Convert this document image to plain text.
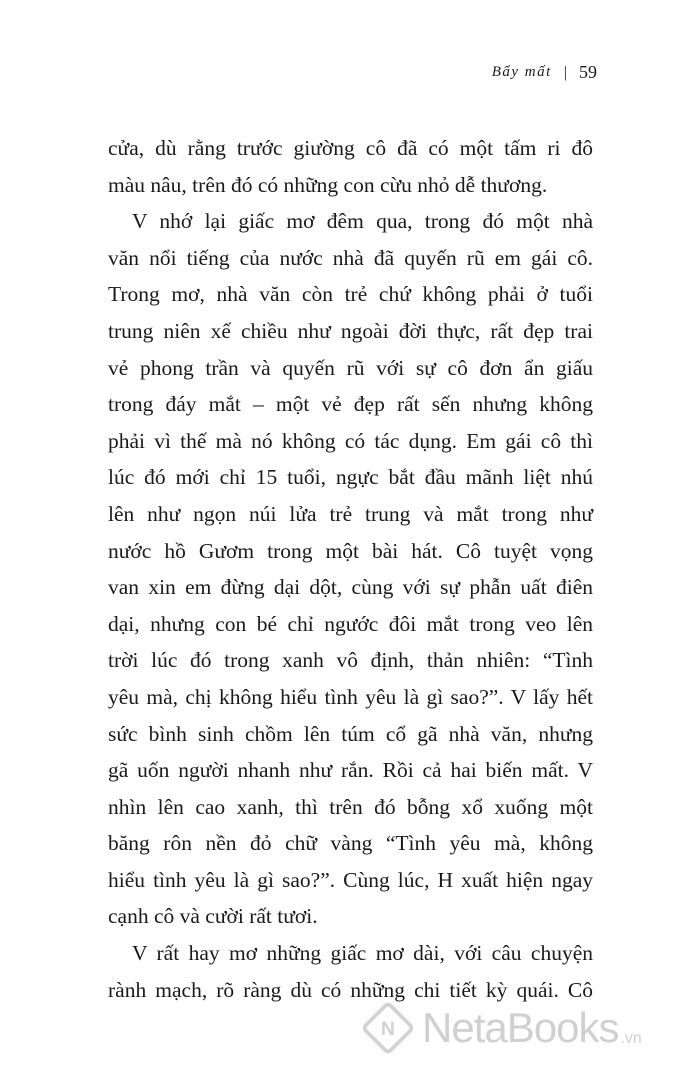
Bẩy mất | 59
cửa, dù rằng trước giường cô đã có một tấm ri đô
màu nâu, trên đó có những con cừu nhỏ dễ thương.
V nhớ lại giấc mơ đêm qua, trong đó một nhà
văn nổi tiếng của nước nhà đã quyến rũ em gái cô.
Trong mơ, nhà văn còn trẻ chứ không phải ở tuổi
trung niên xế chiều như ngoài đời thực, rất đẹp trai
vẻ phong trần và quyến rũ với sự cô đơn ẩn giấu
trong đáy mắt – một vẻ đẹp rất sến nhưng không
phải vì thế mà nó không có tác dụng. Em gái cô thì
lúc đó mới chỉ 15 tuổi, ngực bắt đầu mãnh liệt nhú
lên như ngọn núi lửa trẻ trung và mắt trong như
nước hồ Gươm trong một bài hát. Cô tuyệt vọng
van xin em đừng dại dột, cùng với sự phẫn uất điên
dại, nhưng con bé chỉ ngước đôi mắt trong veo lên
trời lúc đó trong xanh vô định, thản nhiên: “Tình
yêu mà, chị không hiểu tình yêu là gì sao?”. V lấy hết
sức bình sinh chồm lên túm cổ gã nhà văn, nhưng
gã uốn người nhanh như rắn. Rồi cả hai biến mất. V
nhìn lên cao xanh, thì trên đó bỗng xổ xuống một
băng rôn nền đỏ chữ vàng “Tình yêu mà, không
hiểu tình yêu là gì sao?”. Cùng lúc, H xuất hiện ngay
cạnh cô và cười rất tươi.
V rất hay mơ những giấc mơ dài, với câu chuyện
rành mạch, rõ ràng dù có những chi tiết kỳ quái. Cô
N NetaBooks .vn
